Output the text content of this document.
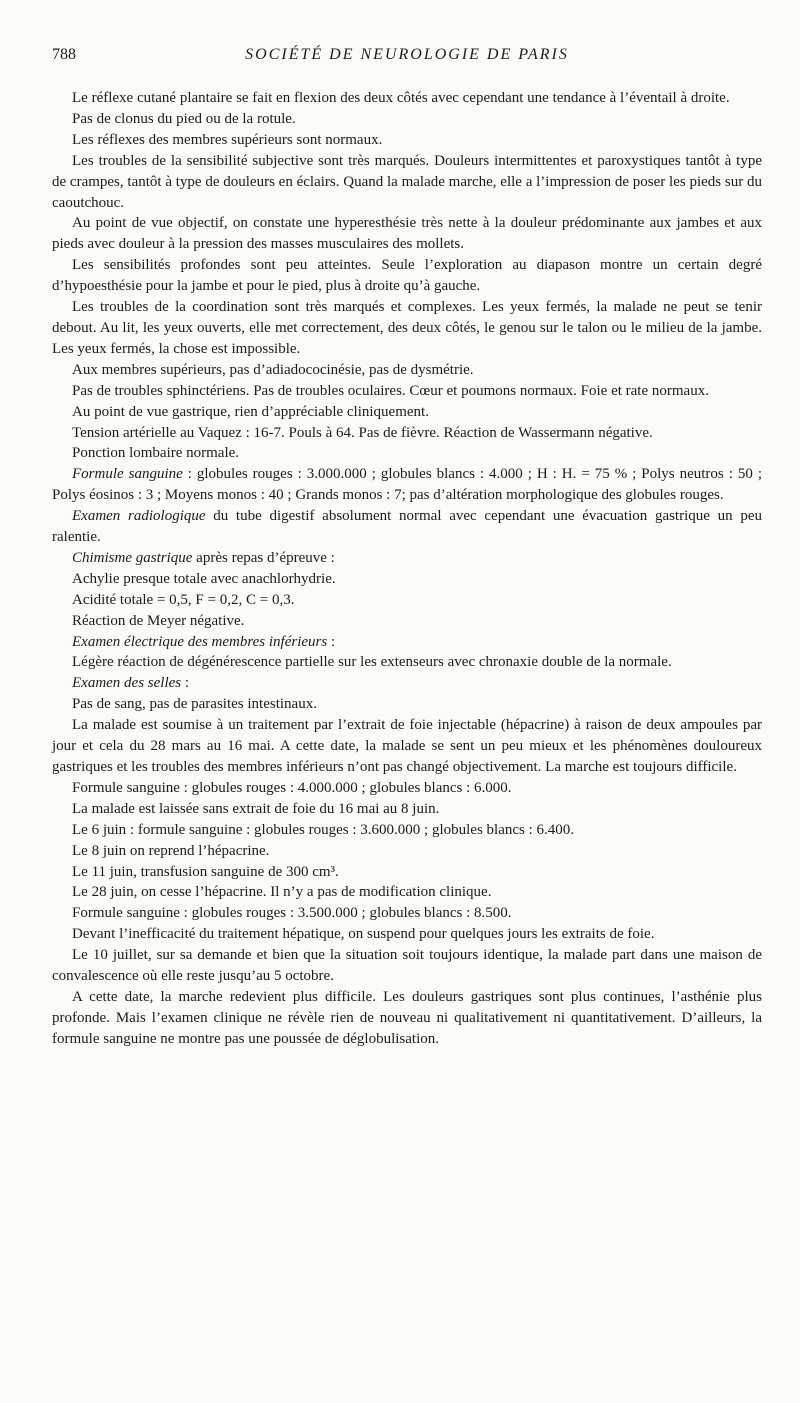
788	SOCIÉTÉ DE NEUROLOGIE DE PARIS

Le réflexe cutané plantaire se fait en flexion des deux côtés avec cependant une tendance à l’éventail à droite.

Pas de clonus du pied ou de la rotule.

Les réflexes des membres supérieurs sont normaux.

Les troubles de la sensibilité subjective sont très marqués. Douleurs intermittentes et paroxystiques tantôt à type de crampes, tantôt à type de douleurs en éclairs. Quand la malade marche, elle a l’impression de poser les pieds sur du caoutchouc.

Au point de vue objectif, on constate une hyperesthésie très nette à la douleur prédominante aux jambes et aux pieds avec douleur à la pression des masses musculaires des mollets.

Les sensibilités profondes sont peu atteintes. Seule l’exploration au diapason montre un certain degré d’hypoesthésie pour la jambe et pour le pied, plus à droite qu’à gauche.

Les troubles de la coordination sont très marqués et complexes. Les yeux fermés, la malade ne peut se tenir debout. Au lit, les yeux ouverts, elle met correctement, des deux côtés, le genou sur le talon ou le milieu de la jambe. Les yeux fermés, la chose est impossible.

Aux membres supérieurs, pas d’adiadococinésie, pas de dysmétrie.

Pas de troubles sphinctériens. Pas de troubles oculaires. Cœur et poumons normaux. Foie et rate normaux.

Au point de vue gastrique, rien d’appréciable cliniquement.

Tension artérielle au Vaquez : 16-7. Pouls à 64. Pas de fièvre. Réaction de Wassermann négative.

Ponction lombaire normale.

Formule sanguine : globules rouges : 3.000.000 ; globules blancs : 4.000 ; H : H. = 75 % ; Polys neutros : 50 ; Polys éosinos : 3 ; Moyens monos : 40 ; Grands monos : 7; pas d’altération morphologique des globules rouges.

Examen radiologique du tube digestif absolument normal avec cependant une évacuation gastrique un peu ralentie.

Chimisme gastrique après repas d’épreuve :

Achylie presque totale avec anachlorhydrie.

Acidité totale = 0,5, F = 0,2, C = 0,3.

Réaction de Meyer négative.

Examen électrique des membres inférieurs :

Légère réaction de dégénérescence partielle sur les extenseurs avec chronaxie double de la normale.

Examen des selles :

Pas de sang, pas de parasites intestinaux.

La malade est soumise à un traitement par l’extrait de foie injectable (hépacrine) à raison de deux ampoules par jour et cela du 28 mars au 16 mai. A cette date, la malade se sent un peu mieux et les phénomènes douloureux gastriques et les troubles des membres inférieurs n’ont pas changé objectivement. La marche est toujours difficile.

Formule sanguine : globules rouges : 4.000.000 ; globules blancs : 6.000.

La malade est laissée sans extrait de foie du 16 mai au 8 juin.

Le 6 juin : formule sanguine : globules rouges : 3.600.000 ; globules blancs : 6.400.

Le 8 juin on reprend l’hépacrine.

Le 11 juin, transfusion sanguine de 300 cm³.

Le 28 juin, on cesse l’hépacrine. Il n’y a pas de modification clinique.

Formule sanguine : globules rouges : 3.500.000 ; globules blancs : 8.500.

Devant l’inefficacité du traitement hépatique, on suspend pour quelques jours les extraits de foie.

Le 10 juillet, sur sa demande et bien que la situation soit toujours identique, la malade part dans une maison de convalescence où elle reste jusqu’au 5 octobre.

A cette date, la marche redevient plus difficile. Les douleurs gastriques sont plus continues, l’asthénie plus profonde. Mais l’examen clinique ne révèle rien de nouveau ni qualitativement ni quantitativement. D’ailleurs, la formule sanguine ne montre pas une poussée de déglobulisation.
